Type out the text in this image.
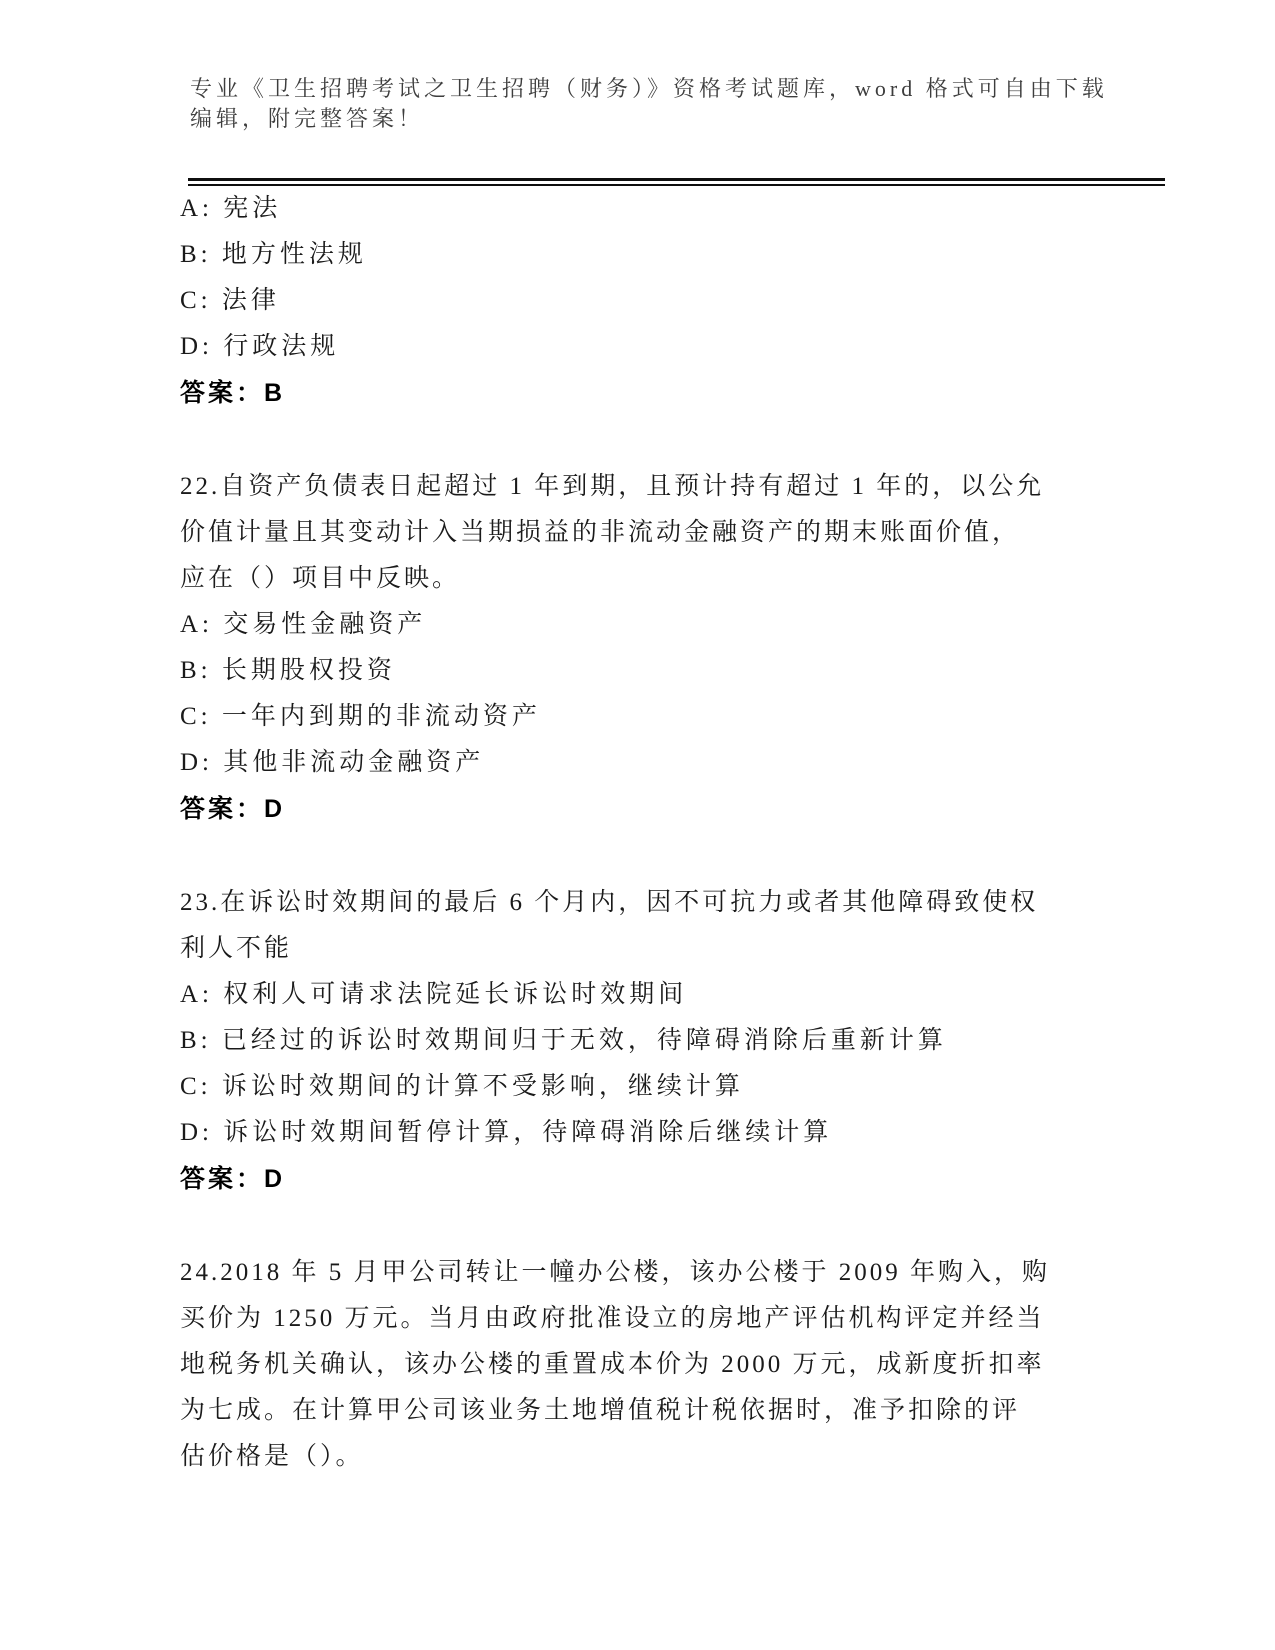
专业《卫生招聘考试之卫生招聘（财务）》资格考试题库，word 格式可自由下载
编辑，附完整答案！
A: 宪法
B: 地方性法规
C: 法律
D: 行政法规
答案：B
22.自资产负债表日起超过 1 年到期，且预计持有超过 1 年的，以公允
价值计量且其变动计入当期损益的非流动金融资产的期末账面价值，
应在（）项目中反映。
A: 交易性金融资产
B: 长期股权投资
C: 一年内到期的非流动资产
D: 其他非流动金融资产
答案：D
23.在诉讼时效期间的最后 6 个月内，因不可抗力或者其他障碍致使权
利人不能
A: 权利人可请求法院延长诉讼时效期间
B: 已经过的诉讼时效期间归于无效，待障碍消除后重新计算
C: 诉讼时效期间的计算不受影响，继续计算
D: 诉讼时效期间暂停计算，待障碍消除后继续计算
答案：D
24.2018 年 5 月甲公司转让一幢办公楼，该办公楼于 2009 年购入，购
买价为 1250 万元。当月由政府批准设立的房地产评估机构评定并经当
地税务机关确认，该办公楼的重置成本价为 2000 万元，成新度折扣率
为七成。在计算甲公司该业务土地增值税计税依据时，准予扣除的评
估价格是（）。
